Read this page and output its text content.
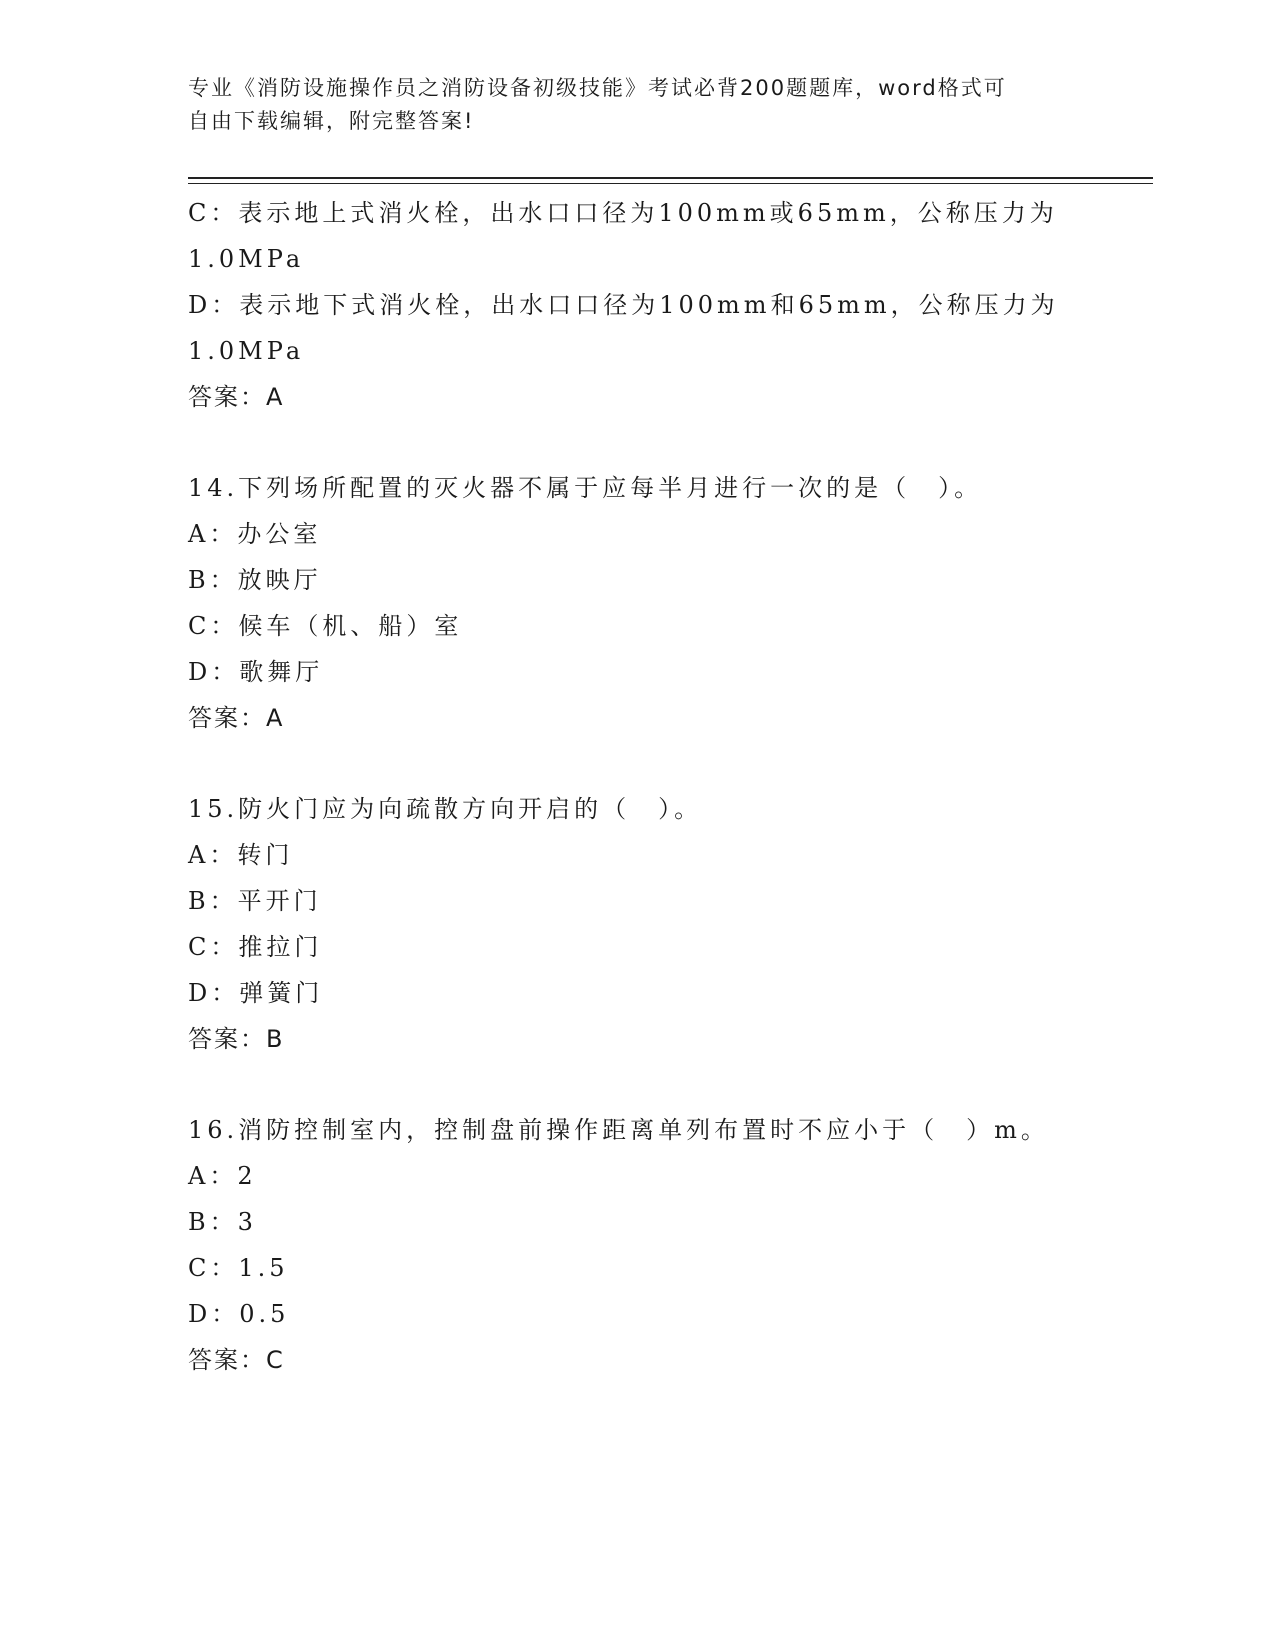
专业《消防设施操作员之消防设备初级技能》考试必背200题题库，word格式可
自由下载编辑，附完整答案!
C：表示地上式消火栓，出水口口径为100mm或65mm，公称压力为
1.0MPa
D：表示地下式消火栓，出水口口径为100mm和65mm，公称压力为
1.0MPa
答案：A
14.下列场所配置的灭火器不属于应每半月进行一次的是（　）。
A：办公室
B：放映厅
C：候车（机、船）室
D：歌舞厅
答案：A
15.防火门应为向疏散方向开启的（　）。
A：转门
B：平开门
C：推拉门
D：弹簧门
答案：B
16.消防控制室内，控制盘前操作距离单列布置时不应小于（　）m。
A：2
B：3
C：1.5
D：0.5
答案：C
